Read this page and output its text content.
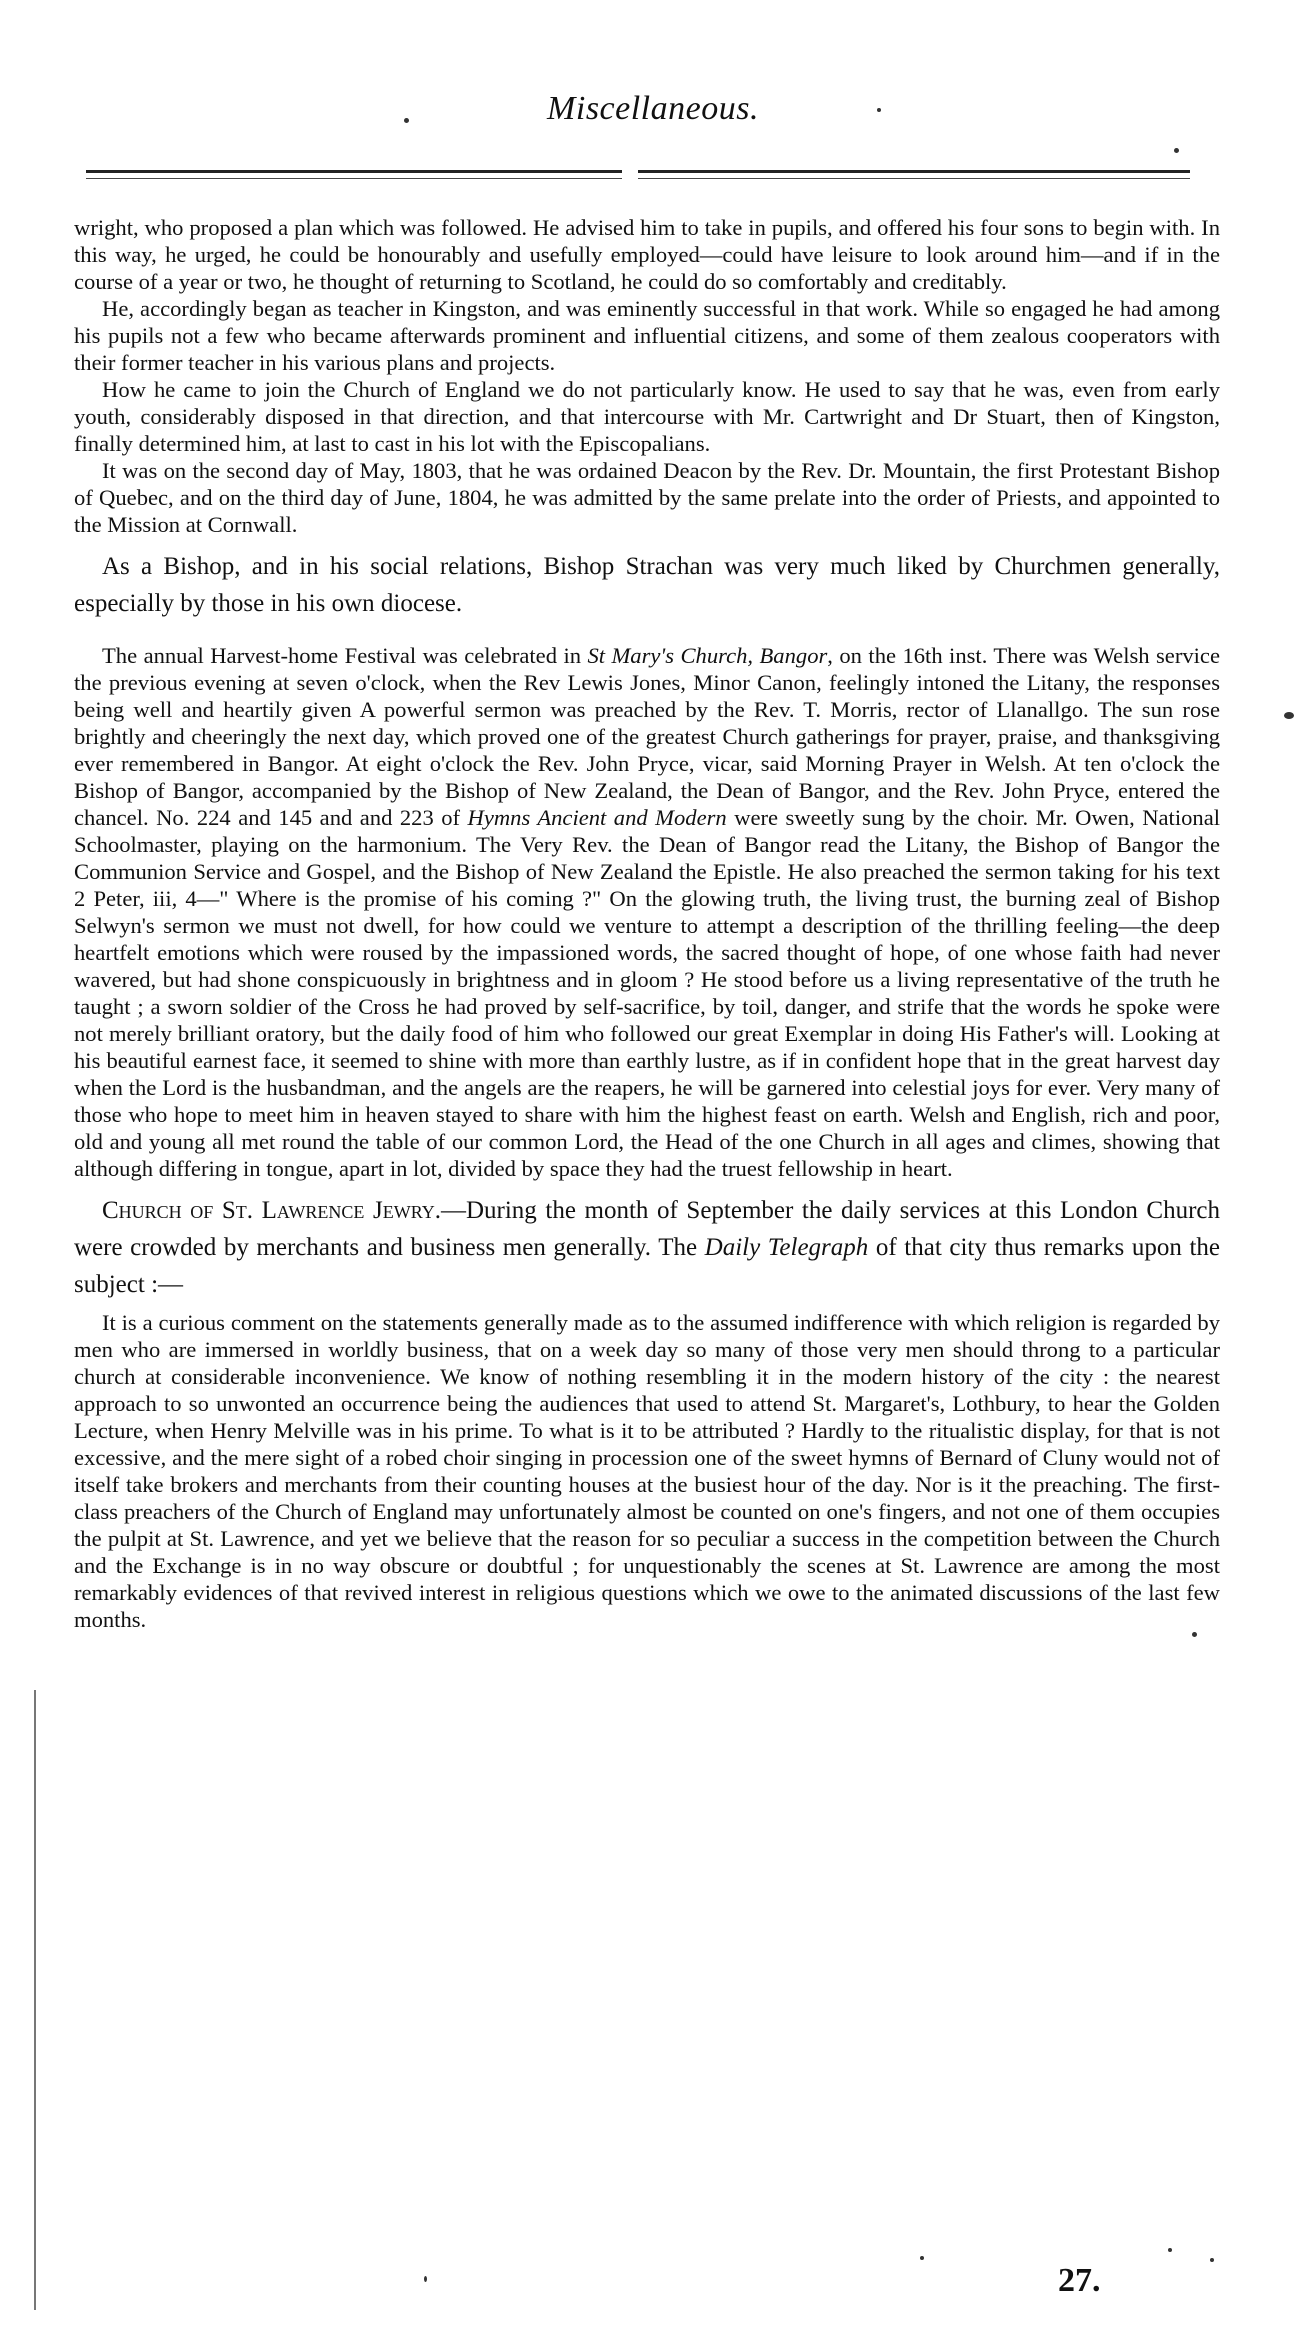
Miscellaneous.

wright, who proposed a plan which was followed. He advised him to take in pupils, and offered his four sons to begin with. In this way, he urged, he could be honourably and usefully employed—could have leisure to look around him—and if in the course of a year or two, he thought of returning to Scotland, he could do so comfortably and creditably.

He, accordingly began as teacher in Kingston, and was eminently successful in that work. While so engaged he had among his pupils not a few who became afterwards prominent and influential citizens, and some of them zealous cooperators with their former teacher in his various plans and projects.

How he came to join the Church of England we do not particularly know. He used to say that he was, even from early youth, considerably disposed in that direction, and that intercourse with Mr. Cartwright and Dr Stuart, then of Kingston, finally determined him, at last to cast in his lot with the Episcopalians.

It was on the second day of May, 1803, that he was ordained Deacon by the Rev. Dr. Mountain, the first Protestant Bishop of Quebec, and on the third day of June, 1804, he was admitted by the same prelate into the order of Priests, and appointed to the Mission at Cornwall.

As a Bishop, and in his social relations, Bishop Strachan was very much liked by Churchmen generally, especially by those in his own diocese.

The annual Harvest-home Festival was celebrated in St Mary's Church, Bangor, on the 16th inst. There was Welsh service the previous evening at seven o'clock, when the Rev Lewis Jones, Minor Canon, feelingly intoned the Litany, the responses being well and heartily given A powerful sermon was preached by the Rev. T. Morris, rector of Llanallgo. The sun rose brightly and cheeringly the next day, which proved one of the greatest Church gatherings for prayer, praise, and thanksgiving ever remembered in Bangor. At eight o'clock the Rev. John Pryce, vicar, said Morning Prayer in Welsh. At ten o'clock the Bishop of Bangor, accompanied by the Bishop of New Zealand, the Dean of Bangor, and the Rev. John Pryce, entered the chancel. No. 224 and 145 and and 223 of Hymns Ancient and Modern were sweetly sung by the choir. Mr. Owen, National Schoolmaster, playing on the harmonium. The Very Rev. the Dean of Bangor read the Litany, the Bishop of Bangor the Communion Service and Gospel, and the Bishop of New Zealand the Epistle. He also preached the sermon taking for his text 2 Peter, iii, 4—" Where is the promise of his coming ?" On the glowing truth, the living trust, the burning zeal of Bishop Selwyn's sermon we must not dwell, for how could we venture to attempt a description of the thrilling feeling—the deep heartfelt emotions which were roused by the impassioned words, the sacred thought of hope, of one whose faith had never wavered, but had shone conspicuously in brightness and in gloom ? He stood before us a living representative of the truth he taught ; a sworn soldier of the Cross he had proved by self-sacrifice, by toil, danger, and strife that the words he spoke were not merely brilliant oratory, but the daily food of him who followed our great Exemplar in doing His Father's will. Looking at his beautiful earnest face, it seemed to shine with more than earthly lustre, as if in confident hope that in the great harvest day when the Lord is the husbandman, and the angels are the reapers, he will be garnered into celestial joys for ever. Very many of those who hope to meet him in heaven stayed to share with him the highest feast on earth. Welsh and English, rich and poor, old and young all met round the table of our common Lord, the Head of the one Church in all ages and climes, showing that although differing in tongue, apart in lot, divided by space they had the truest fellowship in heart.

Church of St. Lawrence Jewry.—During the month of September the daily services at this London Church were crowded by merchants and business men generally. The Daily Telegraph of that city thus remarks upon the subject :—

It is a curious comment on the statements generally made as to the assumed indifference with which religion is regarded by men who are immersed in worldly business, that on a week day so many of those very men should throng to a particular church at considerable inconvenience. We know of nothing resembling it in the modern history of the city : the nearest approach to so unwonted an occurrence being the audiences that used to attend St. Margaret's, Lothbury, to hear the Golden Lecture, when Henry Melville was in his prime. To what is it to be attributed ? Hardly to the ritualistic display, for that is not excessive, and the mere sight of a robed choir singing in procession one of the sweet hymns of Bernard of Cluny would not of itself take brokers and merchants from their counting houses at the busiest hour of the day. Nor is it the preaching. The first-class preachers of the Church of England may unfortunately almost be counted on one's fingers, and not one of them occupies the pulpit at St. Lawrence, and yet we believe that the reason for so peculiar a success in the competition between the Church and the Exchange is in no way obscure or doubtful ; for unquestionably the scenes at St. Lawrence are among the most remarkably evidences of that revived interest in religious questions which we owe to the animated discussions of the last few months.

27.
